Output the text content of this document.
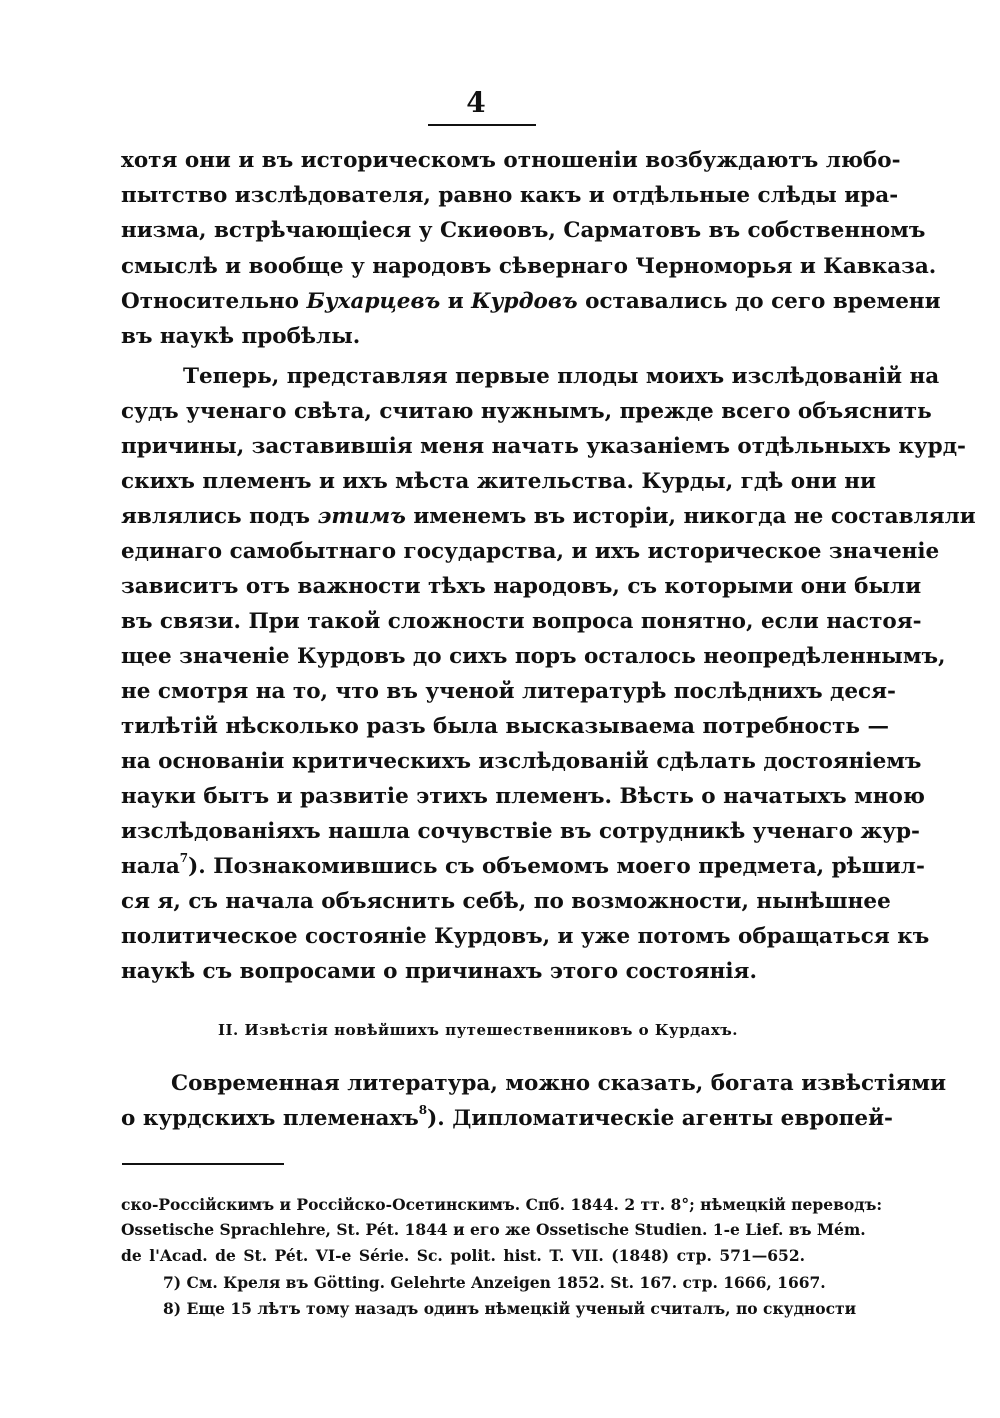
4
хотя они и въ историческомъ отношенiи возбуждаютъ любо-
пытство изслѣдователя, равно какъ и отдѣльные слѣды ира-
низма, встрѣчающiеся у Скиѳовъ, Сарматовъ въ собственномъ
смыслѣ и вообще у народовъ сѣвернаго Черноморья и Кавказа.
Относительно Бухарцевъ и Курдовъ оставались до сего времени
въ наукѣ пробѣлы.
Теперь, представляя первые плоды моихъ изслѣдованiй на
судъ ученаго свѣта, считаю нужнымъ, прежде всего объяснить
причины, заставившiя меня начать указанiемъ отдѣльныхъ курд-
скихъ племенъ и ихъ мѣста жительства. Курды, гдѣ они ни
являлись подъ этимъ именемъ въ исторiи, никогда не составляли
единаго самобытнаго государства, и ихъ историческое значенiе
зависитъ отъ важности тѣхъ народовъ, съ которыми они были
въ связи. При такой сложности вопроса понятно, если настоя-
щее значенiе Курдовъ до сихъ поръ осталось неопредѣленнымъ,
не смотря на то, что въ ученой литературѣ послѣднихъ деся-
тилѣтiй нѣсколько разъ была высказываема потребность —
на основанiи критическихъ изслѣдованiй сдѣлать достоянiемъ
науки бытъ и развитiе этихъ племенъ. Вѣсть о начатыхъ мною
изслѣдованiяхъ нашла сочувствiе въ сотрудникѣ ученаго жур-
нала$^7$). Познакомившись съ объемомъ моего предмета, рѣшил-
ся я, съ начала объяснить себѣ, по возможности, нынѣшнее
политическое состоянiе Курдовъ, и уже потомъ обращаться къ
наукѣ съ вопросами о причинахъ этого состоянiя.
II. Извѣстiя новѣйшихъ путешественниковъ о Курдахъ.
Современная литература, можно сказать, богата извѣстiями
о курдскихъ племенахъ$^8$). Дипломатическiе агенты европей-
ско-Россiйскимъ и Россiйско-Осетинскимъ. Спб. 1844. 2 тт. 8°; нѣмецкiй переводъ:
Ossetische Sprachlehre, St. Pét. 1844 и его же Ossetische Studien. 1-e Lief. въ Mém.
de l'Acad. de St. Pét. VI-e Série. Sc. polit. hist. T. VII. (1848) стр. 571—652.
7) См. Креля въ Götting. Gelehrte Anzeigen 1852. St. 167. стр. 1666, 1667.
8) Еще 15 лѣтъ тому назадъ одинъ нѣмецкiй ученый считалъ, по скудности
